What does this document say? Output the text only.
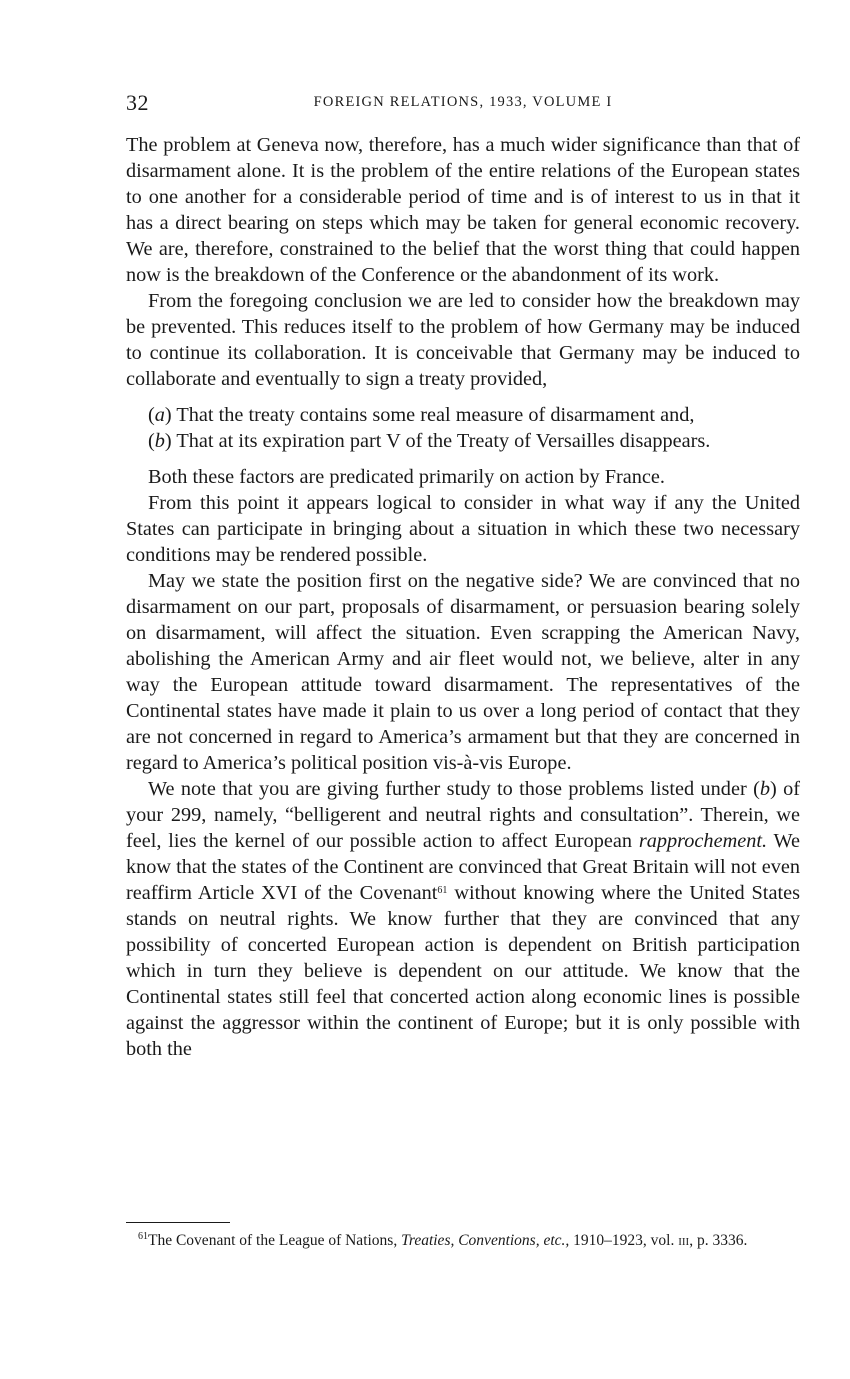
32	FOREIGN RELATIONS, 1933, VOLUME I

The problem at Geneva now, therefore, has a much wider significance than that of disarmament alone. It is the problem of the entire relations of the European states to one another for a considerable period of time and is of interest to us in that it has a direct bearing on steps which may be taken for general economic recovery. We are, therefore, constrained to the belief that the worst thing that could happen now is the breakdown of the Conference or the abandonment of its work.

From the foregoing conclusion we are led to consider how the breakdown may be prevented. This reduces itself to the problem of how Germany may be induced to continue its collaboration. It is conceivable that Germany may be induced to collaborate and eventually to sign a treaty provided,

(a) That the treaty contains some real measure of disarmament and,

(b) That at its expiration part V of the Treaty of Versailles disappears.

Both these factors are predicated primarily on action by France.

From this point it appears logical to consider in what way if any the United States can participate in bringing about a situation in which these two necessary conditions may be rendered possible.

May we state the position first on the negative side? We are convinced that no disarmament on our part, proposals of disarmament, or persuasion bearing solely on disarmament, will affect the situation. Even scrapping the American Navy, abolishing the American Army and air fleet would not, we believe, alter in any way the European attitude toward disarmament. The representatives of the Continental states have made it plain to us over a long period of contact that they are not concerned in regard to America’s armament but that they are concerned in regard to America’s political position vis-à-vis Europe.

We note that you are giving further study to those problems listed under (b) of your 299, namely, “belligerent and neutral rights and consultation”. Therein, we feel, lies the kernel of our possible action to affect European rapprochement. We know that the states of the Continent are convinced that Great Britain will not even reaffirm Article XVI of the Covenant$^{61}$ without knowing where the United States stands on neutral rights. We know further that they are convinced that any possibility of concerted European action is dependent on British participation which in turn they believe is dependent on our attitude. We know that the Continental states still feel that concerted action along economic lines is possible against the aggressor within the continent of Europe; but it is only possible with both the

$^{61}$The Covenant of the League of Nations, Treaties, Conventions, etc., 1910–1923, vol. iii, p. 3336.
